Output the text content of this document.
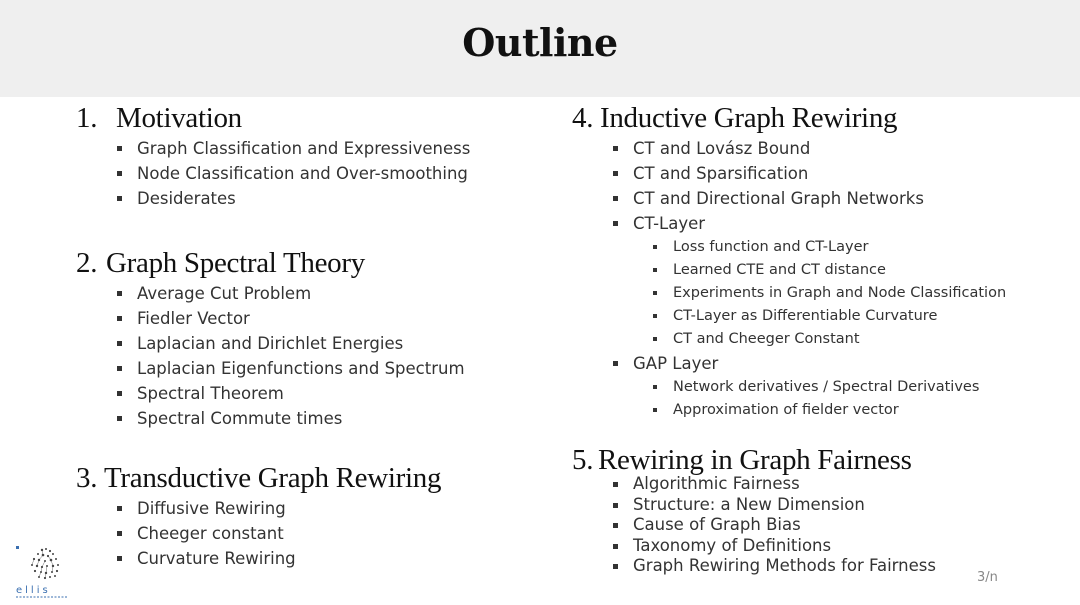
Outline
1. Motivation
Graph Classification and Expressiveness
Node Classification and Over-smoothing
Desiderates
2. Graph Spectral Theory
Average Cut Problem
Fiedler Vector
Laplacian and Dirichlet Energies
Laplacian Eigenfunctions and Spectrum
Spectral Theorem
Spectral Commute times
3. Transductive Graph Rewiring
Diffusive Rewiring
Cheeger constant
Curvature Rewiring
4. Inductive Graph Rewiring
CT and Lovász Bound
CT and Sparsification
CT and Directional Graph Networks
CT-Layer
Loss function and CT-Layer
Learned CTE and CT distance
Experiments in Graph and Node Classification
CT-Layer as Differentiable Curvature
CT and Cheeger Constant
GAP Layer
Network derivatives / Spectral Derivatives
Approximation of fielder vector
5. Rewiring in Graph Fairness
Algorithmic Fairness
Structure: a New Dimension
Cause of Graph Bias
Taxonomy of Definitions
Graph Rewiring Methods for Fairness
3/n
ellis
